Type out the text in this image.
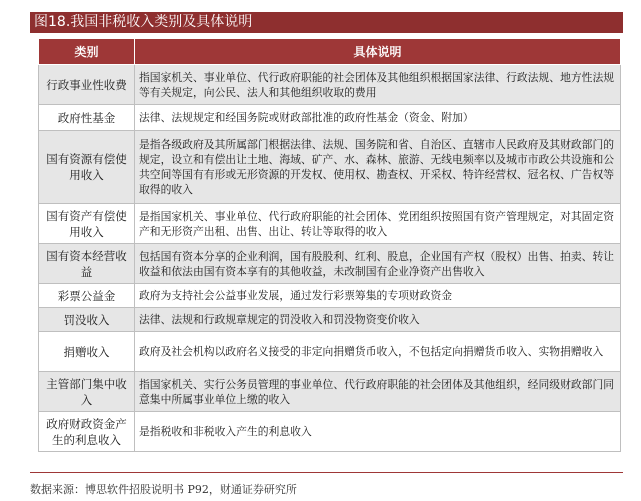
图18.我国非税收入类别及具体说明
类别	具体说明
行政事业性收费	指国家机关、事业单位、代行政府职能的社会团体及其他组织根据国家法律、行政法规、地方性法规等有关规定，向公民、法人和其他组织收取的费用
政府性基金	法律、法规规定和经国务院或财政部批准的政府性基金（资金、附加）
国有资源有偿使用收入	是指各级政府及其所属部门根据法律、法规、国务院和省、自治区、直辖市人民政府及其财政部门的规定，设立和有偿出让土地、海域、矿产、水、森林、旅游、无线电频率以及城市市政公共设施和公共空间等国有有形或无形资源的开发权、使用权、勘查权、开采权、特许经营权、冠名权、广告权等取得的收入
国有资产有偿使用收入	是指国家机关、事业单位、代行政府职能的社会团体、党团组织按照国有资产管理规定，对其固定资产和无形资产出租、出售、出让、转让等取得的收入
国有资本经营收益	包括国有资本分享的企业利润，国有股股利、红利、股息，企业国有产权（股权）出售、拍卖、转让收益和依法由国有资本享有的其他收益，未改制国有企业净资产出售收入
彩票公益金	政府为支持社会公益事业发展，通过发行彩票筹集的专项财政资金
罚没收入	法律、法规和行政规章规定的罚没收入和罚没物资变价收入
捐赠收入	政府及社会机构以政府名义接受的非定向捐赠货币收入，不包括定向捐赠货币收入、实物捐赠收入
主管部门集中收入	指国家机关、实行公务员管理的事业单位、代行政府职能的社会团体及其他组织，经同级财政部门同意集中所属事业单位上缴的收入
政府财政资金产生的利息收入	是指税收和非税收入产生的利息收入
数据来源：博思软件招股说明书 P92，财通证券研究所
